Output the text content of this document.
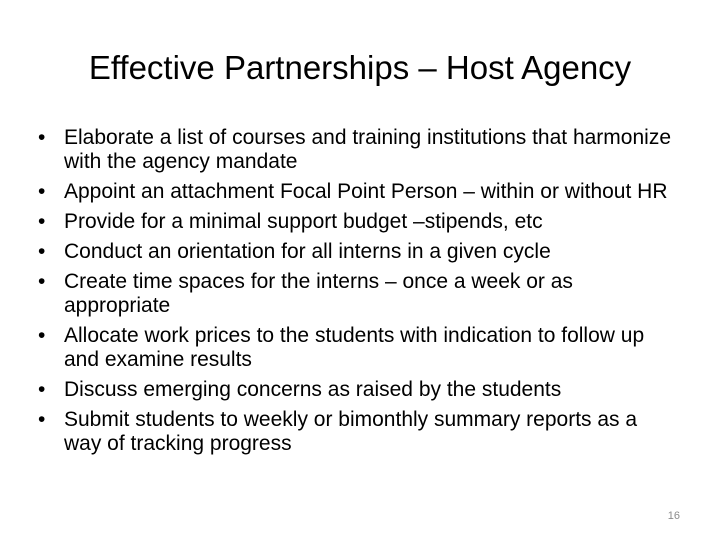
Effective Partnerships – Host Agency
• Elaborate a list of courses and training institutions that harmonize with the agency mandate
• Appoint an attachment Focal Point Person – within or without HR
• Provide for a minimal support budget –stipends, etc
• Conduct an orientation for all interns in a given cycle
• Create time spaces for the interns – once a week or as appropriate
• Allocate work prices to the students with indication to follow up and examine results
• Discuss emerging concerns as raised by the students
• Submit students to weekly or bimonthly summary reports as a way of tracking progress
16
